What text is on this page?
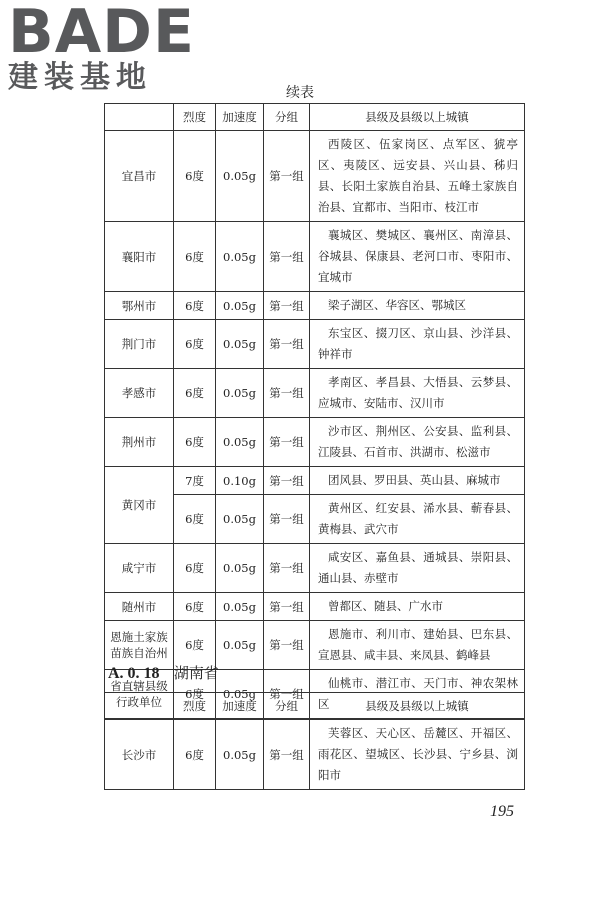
BADE
建装基地	续表
	烈度	加速度	分组	县级及县级以上城镇
宜昌市	6度	0.05g	第一组	西陵区、伍家岗区、点军区、猇亭区、夷陵区、远安县、兴山县、秭归县、长阳土家族自治县、五峰土家族自治县、宜都市、当阳市、枝江市
襄阳市	6度	0.05g	第一组	襄城区、樊城区、襄州区、南漳县、谷城县、保康县、老河口市、枣阳市、宜城市
鄂州市	6度	0.05g	第一组	梁子湖区、华容区、鄂城区
荆门市	6度	0.05g	第一组	东宝区、掇刀区、京山县、沙洋县、钟祥市
孝感市	6度	0.05g	第一组	孝南区、孝昌县、大悟县、云梦县、应城市、安陆市、汉川市
荆州市	6度	0.05g	第一组	沙市区、荆州区、公安县、监利县、江陵县、石首市、洪湖市、松滋市
黄冈市	7度	0.10g	第一组	团风县、罗田县、英山县、麻城市
	6度	0.05g	第一组	黄州区、红安县、浠水县、蕲春县、黄梅县、武穴市
咸宁市	6度	0.05g	第一组	咸安区、嘉鱼县、通城县、崇阳县、通山县、赤壁市
随州市	6度	0.05g	第一组	曾都区、随县、广水市
恩施土家族苗族自治州	6度	0.05g	第一组	恩施市、利川市、建始县、巴东县、宣恩县、咸丰县、来凤县、鹤峰县
省直辖县级行政单位	6度	0.05g	第一组	仙桃市、潜江市、天门市、神农架林区
A. 0. 18 湖南省
	烈度	加速度	分组	县级及县级以上城镇
长沙市	6度	0.05g	第一组	芙蓉区、天心区、岳麓区、开福区、雨花区、望城区、长沙县、宁乡县、浏阳市
195
